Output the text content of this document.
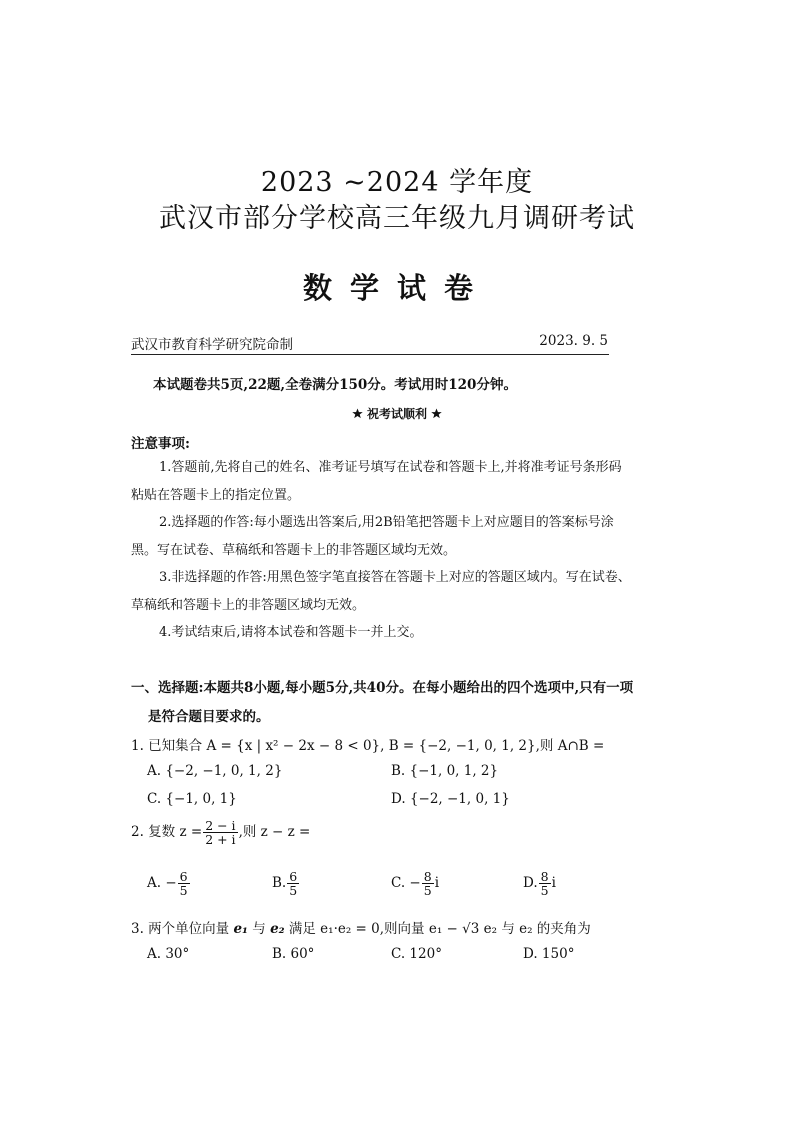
2023 ~2024 学年度
武汉市部分学校高三年级九月调研考试
数学试卷
武汉市教育科学研究院命制	2023. 9. 5
本试题卷共5页,22题,全卷满分150分。考试用时120分钟。
祝考试顺利
注意事项:
1.答题前,先将自己的姓名、准考证号填写在试卷和答题卡上,并将准考证号条形码
粘贴在答题卡上的指定位置。
2.选择题的作答:每小题选出答案后,用2B铅笔把答题卡上对应题目的答案标号涂
黑。写在试卷、草稿纸和答题卡上的非答题区域均无效。
3.非选择题的作答:用黑色签字笔直接答在答题卡上对应的答题区域内。写在试卷、
草稿纸和答题卡上的非答题区域均无效。
4.考试结束后,请将本试卷和答题卡一并上交。
一、选择题:本题共8小题,每小题5分,共40分。在每小题给出的四个选项中,只有一项
是符合题目要求的。
1. 已知集合 A = {x | x² − 2x − 8 < 0}, B = {−2, −1, 0, 1, 2},则 A∩B =
A. {−2, −1, 0, 1, 2}	B. {−1, 0, 1, 2}
C. {−1, 0, 1}	D. {−2, −1, 0, 1}
2. 复数 $z = \frac{2 - i}{2 + i}$ ,则 z − z =
A. − $\frac{6}{5}$	B. $\frac{6}{5}$	C. − $\frac{8}{5}$ i	D. $\frac{8}{5}$ i
3. 两个单位向量 e₁ 与 e₂ 满足 e₁·e₂ = 0,则向量 e₁ − √3 e₂ 与 e₂ 的夹角为
A. 30°	B. 60°	C. 120°	D. 150°
